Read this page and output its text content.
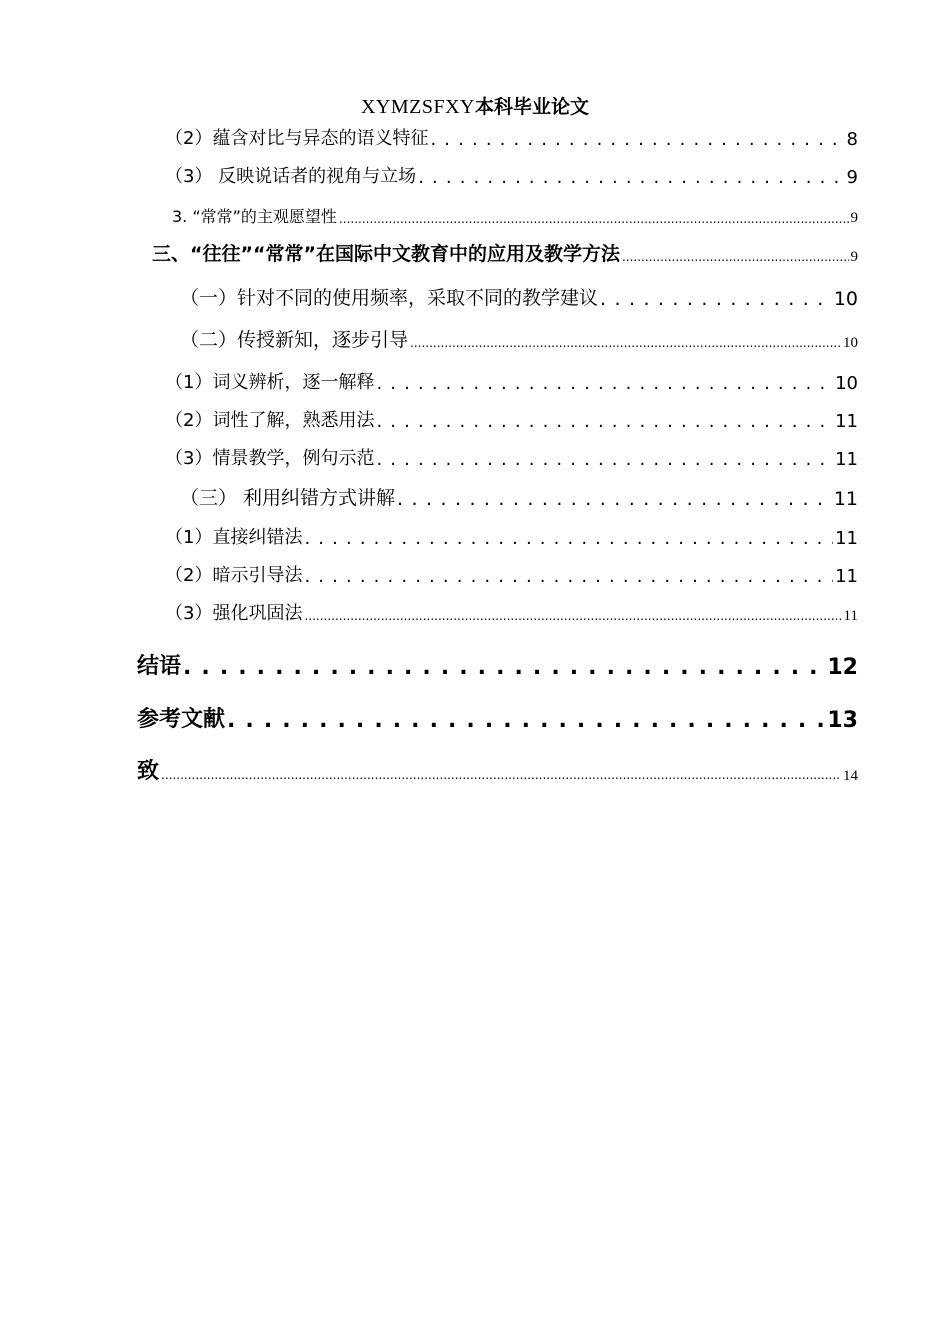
XYMZSFXY本科毕业论文
（2）蕴含对比与异态的语义特征 . . .	8
（3） 反映说话者的视角与立场 . . .	9
3. “常常”的主观愿望性 .....	9
三、“往往”“常常”在国际中文教育中的应用及教学方法 .....	9
（一）针对不同的使用频率，采取不同的教学建议 . . .	10
（二）传授新知，逐步引导 .....	10
（1）词义辨析，逐一解释 . . .	10
（2）词性了解，熟悉用法 . . .	11
（3）情景教学，例句示范 . . .	11
（三） 利用纠错方式讲解 . . .	11
（1）直接纠错法 . . .	11
（2）暗示引导法 . . .	11
（3）强化巩固法 .....	11
结语 . . .	12
参考文献 . . .	13
致 .....	14
